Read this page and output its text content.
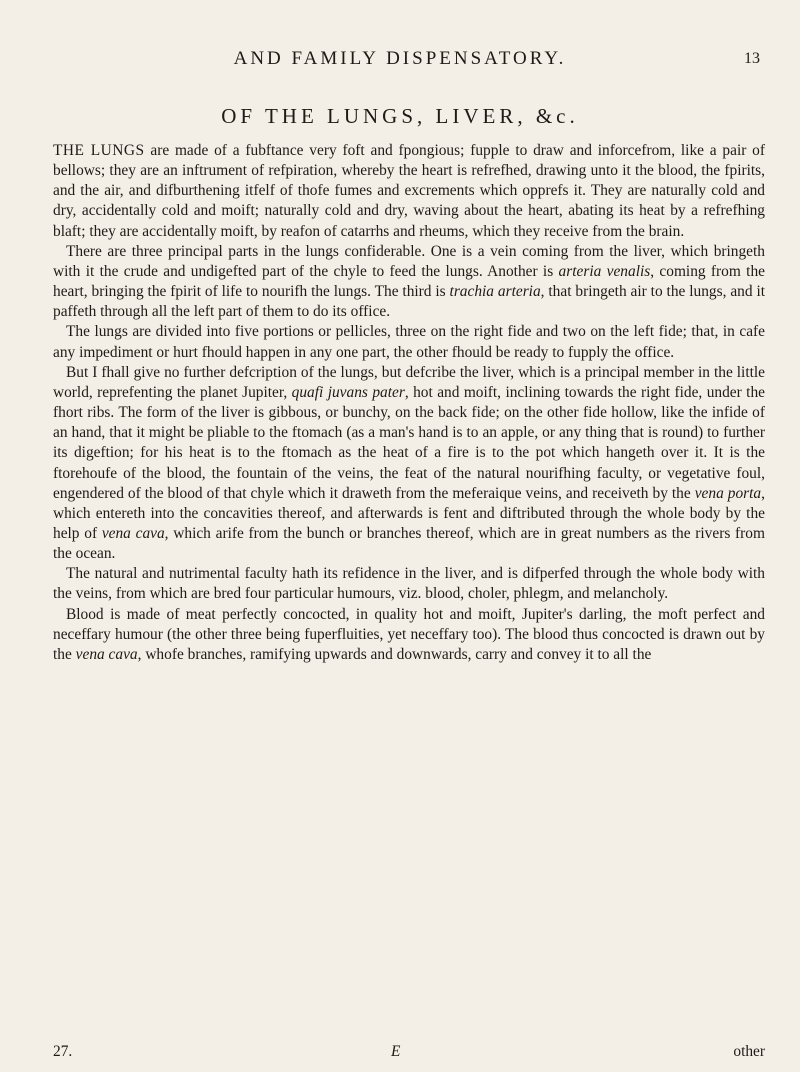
AND FAMILY DISPENSATORY.	13
OF THE LUNGS, LIVER, &c.

THE LUNGS are made of a fubftance very foft and fpongious; fupple to draw and inforcefrom, like a pair of bellows; they are an inftrument of refpiration, whereby the heart is refrefhed, drawing unto it the blood, the fpirits, and the air, and difburthening itfelf of thofe fumes and excrements which opprefs it. They are naturally cold and dry, accidentally cold and moift; naturally cold and dry, waving about the heart, abating its heat by a refrefhing blaft; they are accidentally moift, by reafon of catarrhs and rheums, which they receive from the brain.

There are three principal parts in the lungs confiderable. One is a vein coming from the liver, which bringeth with it the crude and undigefted part of the chyle to feed the lungs. Another is arteria venalis, coming from the heart, bringing the fpirit of life to nourifh the lungs. The third is trachia arteria, that bringeth air to the lungs, and it paffeth through all the left part of them to do its office.

The lungs are divided into five portions or pellicles, three on the right fide and two on the left fide; that, in cafe any impediment or hurt fhould happen in any one part, the other fhould be ready to fupply the office.

But I fhall give no further defcription of the lungs, but defcribe the liver, which is a principal member in the little world, reprefenting the planet Jupiter, quafi juvans pater, hot and moift, inclining towards the right fide, under the fhort ribs. The form of the liver is gibbous, or bunchy, on the back fide; on the other fide hollow, like the infide of an hand, that it might be pliable to the ftomach (as a man's hand is to an apple, or any thing that is round) to further its digeftion; for his heat is to the ftomach as the heat of a fire is to the pot which hangeth over it. It is the ftorehoufe of the blood, the fountain of the veins, the feat of the natural nourifhing faculty, or vegetative foul, engendered of the blood of that chyle which it draweth from the meferaique veins, and receiveth by the vena porta, which entereth into the concavities thereof, and afterwards is fent and diftributed through the whole body by the help of vena cava, which arife from the bunch or branches thereof, which are in great numbers as the rivers from the ocean.

The natural and nutrimental faculty hath its refidence in the liver, and is difperfed through the whole body with the veins, from which are bred four particular humours, viz. blood, choler, phlegm, and melancholy.

Blood is made of meat perfectly concocted, in quality hot and moift, Jupiter's darling, the moft perfect and neceffary humour (the other three being fuperfluities, yet neceffary too). The blood thus concocted is drawn out by the vena cava, whofe branches, ramifying upwards and downwards, carry and convey it to all the

27.	E	other
